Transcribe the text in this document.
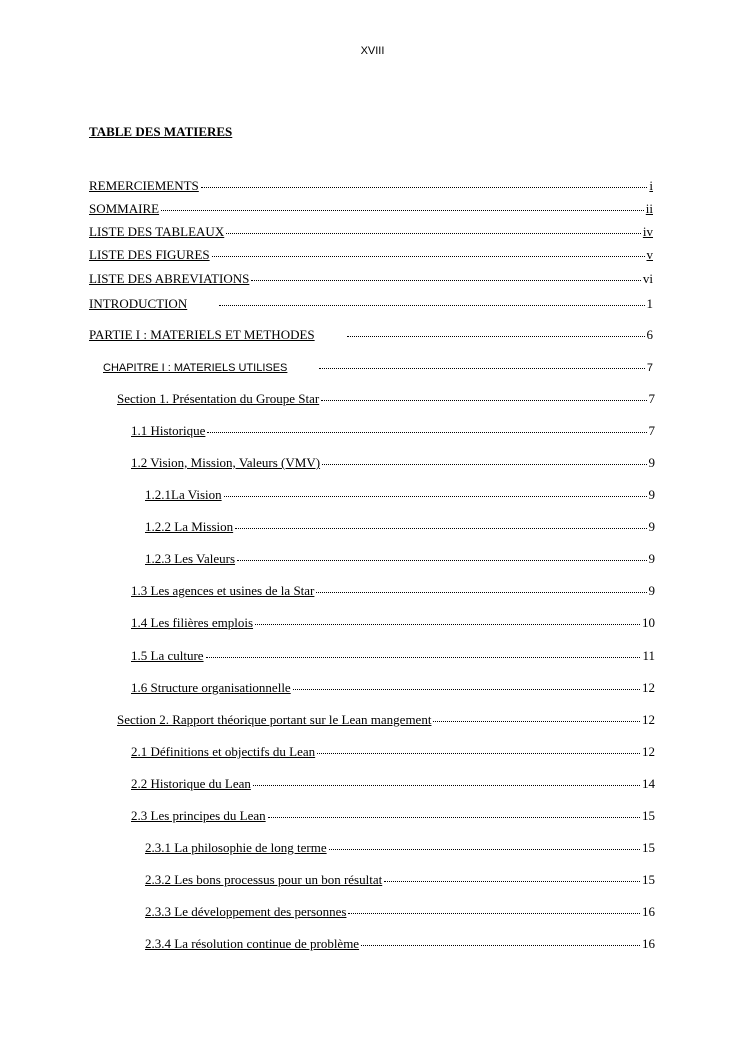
XVIII
TABLE DES MATIERES
REMERCIEMENTS	i
SOMMAIRE	ii
LISTE DES TABLEAUX	iv
LISTE DES FIGURES	v
LISTE DES ABREVIATIONS	vi
INTRODUCTION	1
PARTIE I : MATERIELS ET METHODES	6
CHAPITRE I : MATERIELS UTILISES	7
Section 1. Présentation du Groupe Star	7
1.1 Historique	7
1.2 Vision, Mission, Valeurs (VMV)	9
1.2.1La Vision	9
1.2.2 La Mission	9
1.2.3 Les Valeurs	9
1.3 Les agences et usines de la Star	9
1.4 Les filières emplois	10
1.5 La culture	11
1.6 Structure organisationnelle	12
Section 2. Rapport théorique portant sur le Lean mangement	12
2.1 Définitions et objectifs du Lean	12
2.2 Historique du Lean	14
2.3 Les principes du Lean	15
2.3.1 La philosophie de long terme	15
2.3.2 Les bons processus pour un bon résultat	15
2.3.3 Le développement des personnes	16
2.3.4 La résolution continue de problème	16
